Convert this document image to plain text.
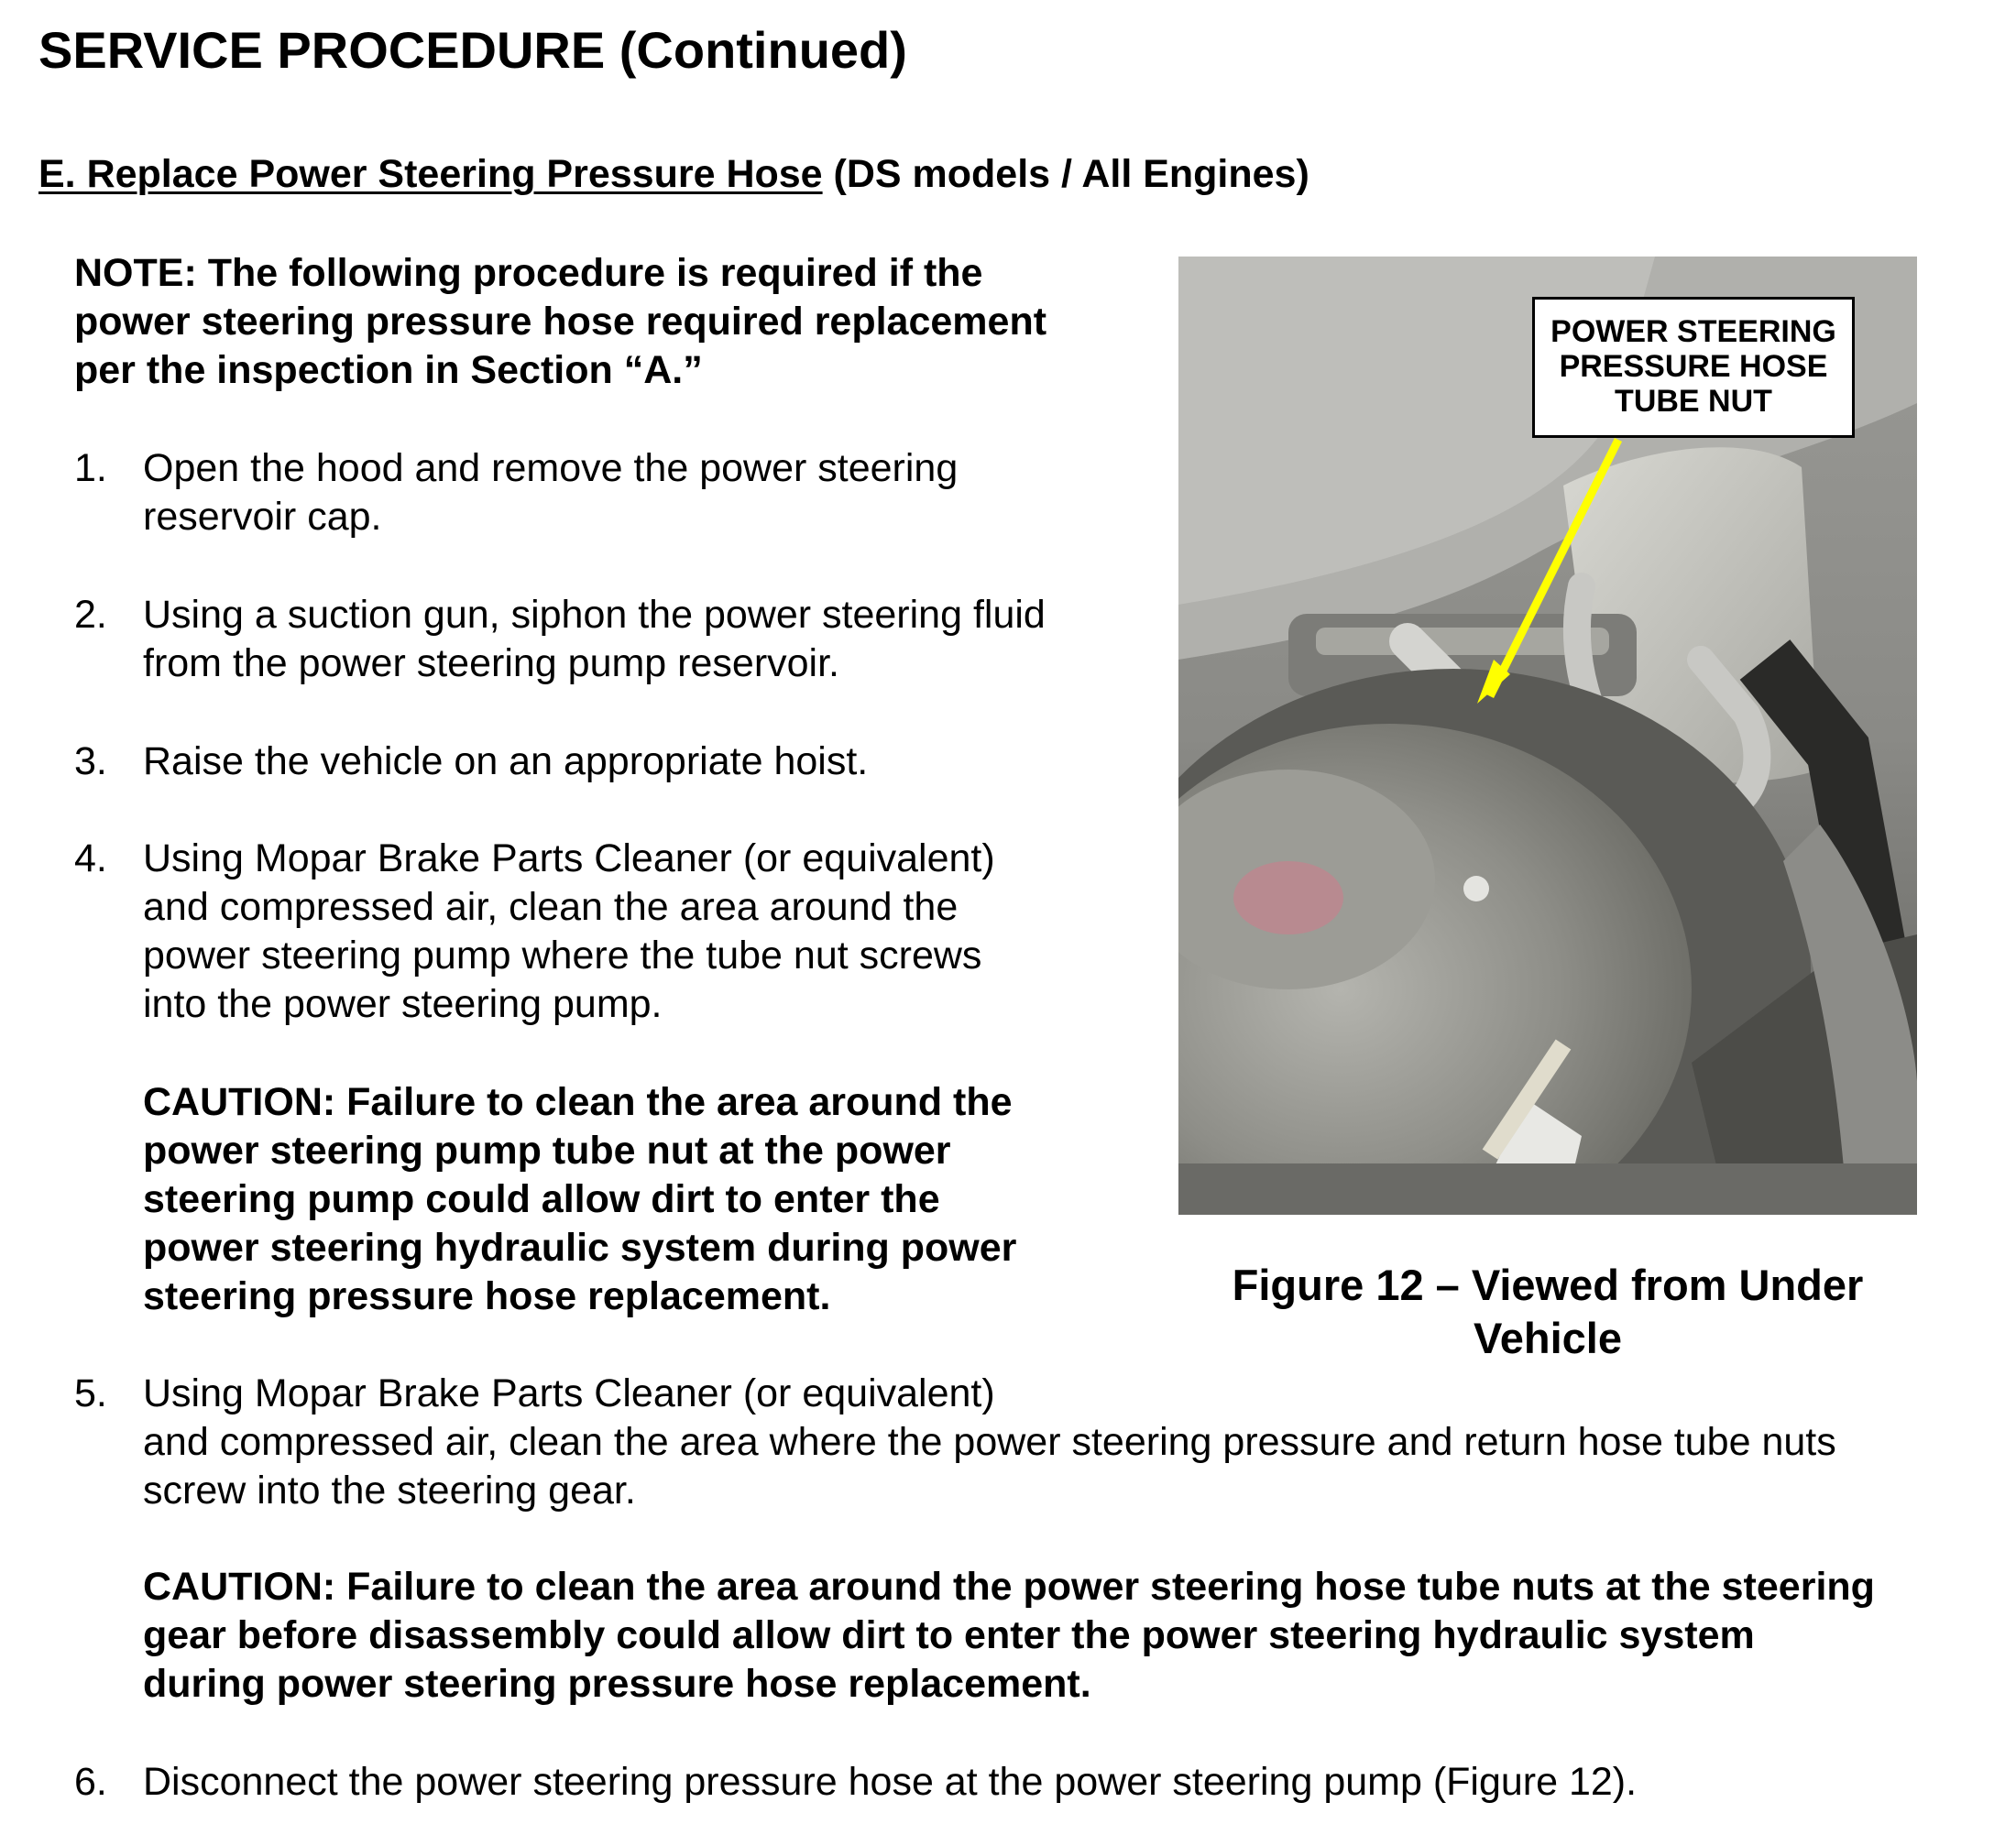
SERVICE PROCEDURE (Continued)
E. Replace Power Steering Pressure Hose (DS models / All Engines)
NOTE: The following procedure is required if the
power steering pressure hose required replacement
per the inspection in Section “A.”
1. Open the hood and remove the power steering
reservoir cap.
2. Using a suction gun, siphon the power steering fluid
from the power steering pump reservoir.
3. Raise the vehicle on an appropriate hoist.
4. Using Mopar Brake Parts Cleaner (or equivalent)
and compressed air, clean the area around the
power steering pump where the tube nut screws
into the power steering pump.
CAUTION: Failure to clean the area around the
power steering pump tube nut at the power
steering pump could allow dirt to enter the
power steering hydraulic system during power
steering pressure hose replacement.
5. Using Mopar Brake Parts Cleaner (or equivalent)
and compressed air, clean the area where the power steering pressure and return hose tube nuts
screw into the steering gear.
CAUTION: Failure to clean the area around the power steering hose tube nuts at the steering
gear before disassembly could allow dirt to enter the power steering hydraulic system
during power steering pressure hose replacement.
6. Disconnect the power steering pressure hose at the power steering pump (Figure 12).
POWER STEERING
PRESSURE HOSE
TUBE NUT
Figure 12 – Viewed from Under
Vehicle
